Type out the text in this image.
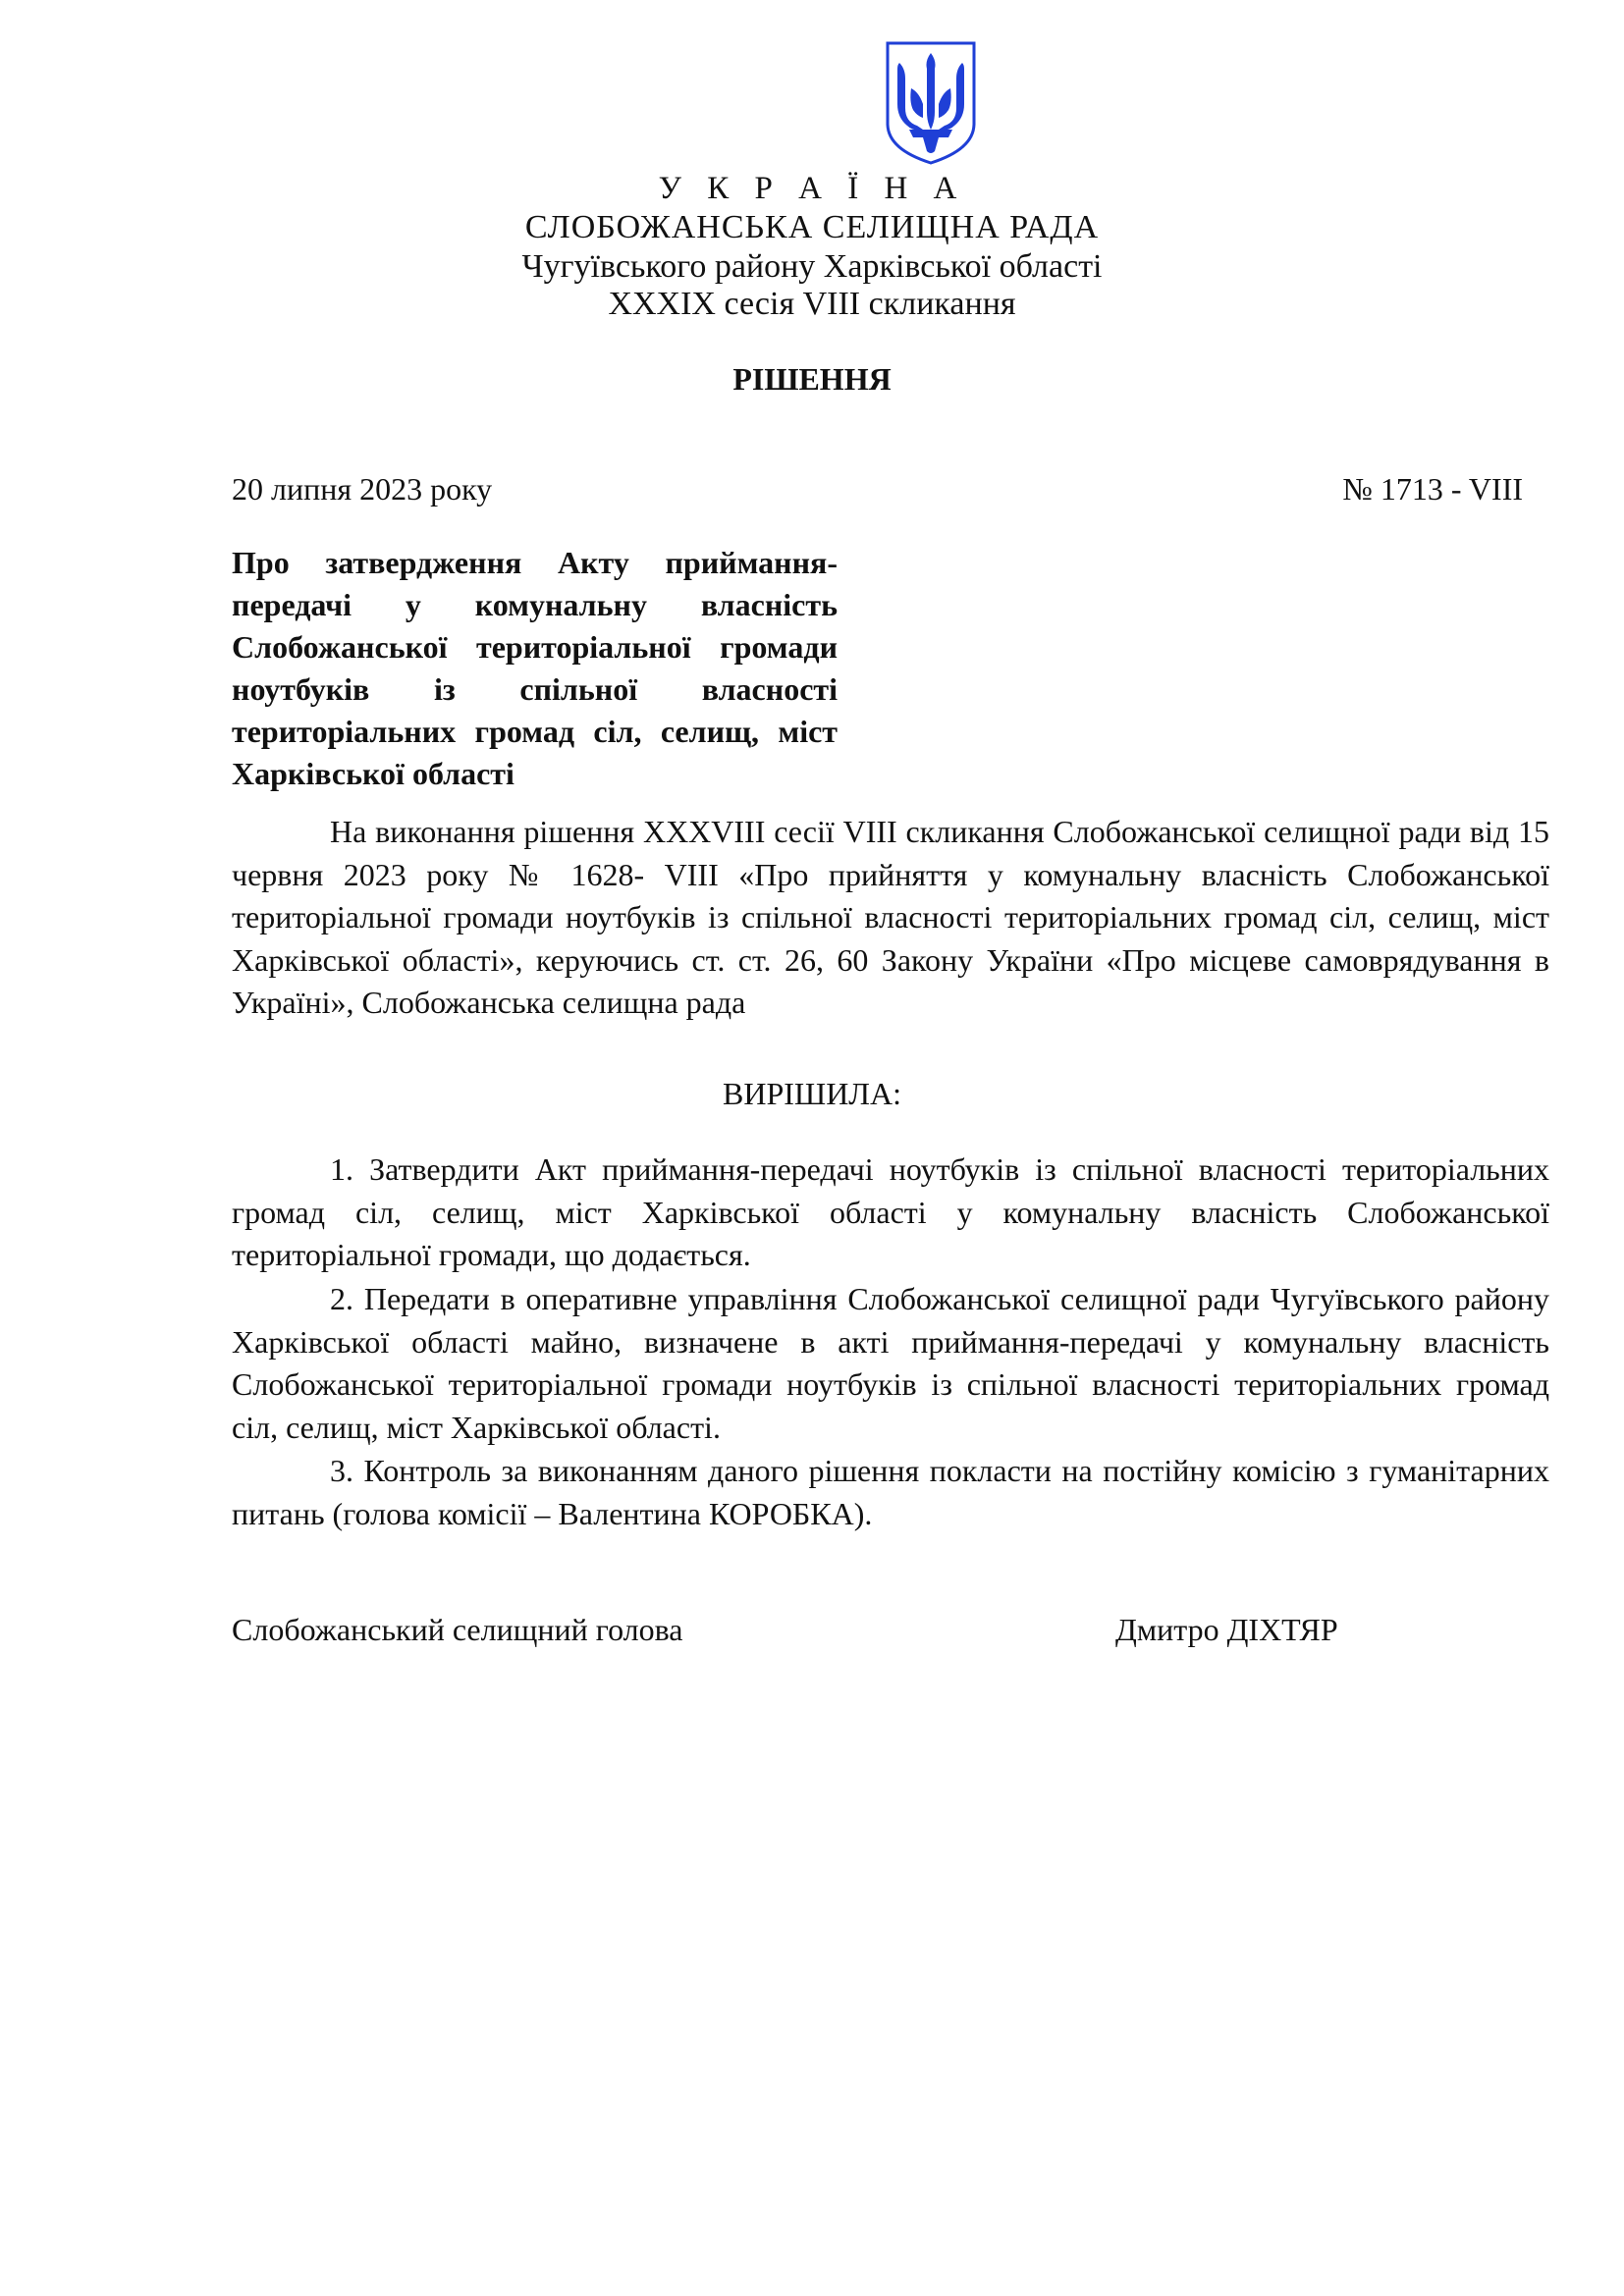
У К Р А Ї Н А
СЛОБОЖАНСЬКА СЕЛИЩНА РАДА
Чугуївського району Харківської області
XXXIX сесія VIII скликання
РІШЕННЯ
20 липня 2023 року	№ 1713 - VIII
Про затвердження Акту приймання-передачі у комунальну власність Слобожанської територіальної громади ноутбуків із спільної власності територіальних громад сіл, селищ, міст Харківської області
На виконання рішення XXXVIII сесії VIII скликання Слобожанської селищної ради від 15 червня 2023 року № 1628- VIII «Про прийняття у комунальну власність Слобожанської територіальної громади ноутбуків із спільної власності територіальних громад сіл, селищ, міст Харківської області», керуючись ст. ст. 26, 60 Закону України «Про місцеве самоврядування в Україні», Слобожанська селищна рада
ВИРІШИЛА:
1. Затвердити Акт приймання-передачі ноутбуків із спільної власності територіальних громад сіл, селищ, міст Харківської області у комунальну власність Слобожанської територіальної громади, що додається.
2. Передати в оперативне управління Слобожанської селищної ради Чугуївського району Харківської області майно, визначене в акті приймання-передачі у комунальну власність Слобожанської територіальної громади ноутбуків із спільної власності територіальних громад сіл, селищ, міст Харківської області.
3. Контроль за виконанням даного рішення покласти на постійну комісію з гуманітарних питань (голова комісії – Валентина КОРОБКА).
Слобожанський селищний голова	Дмитро ДІХТЯР
